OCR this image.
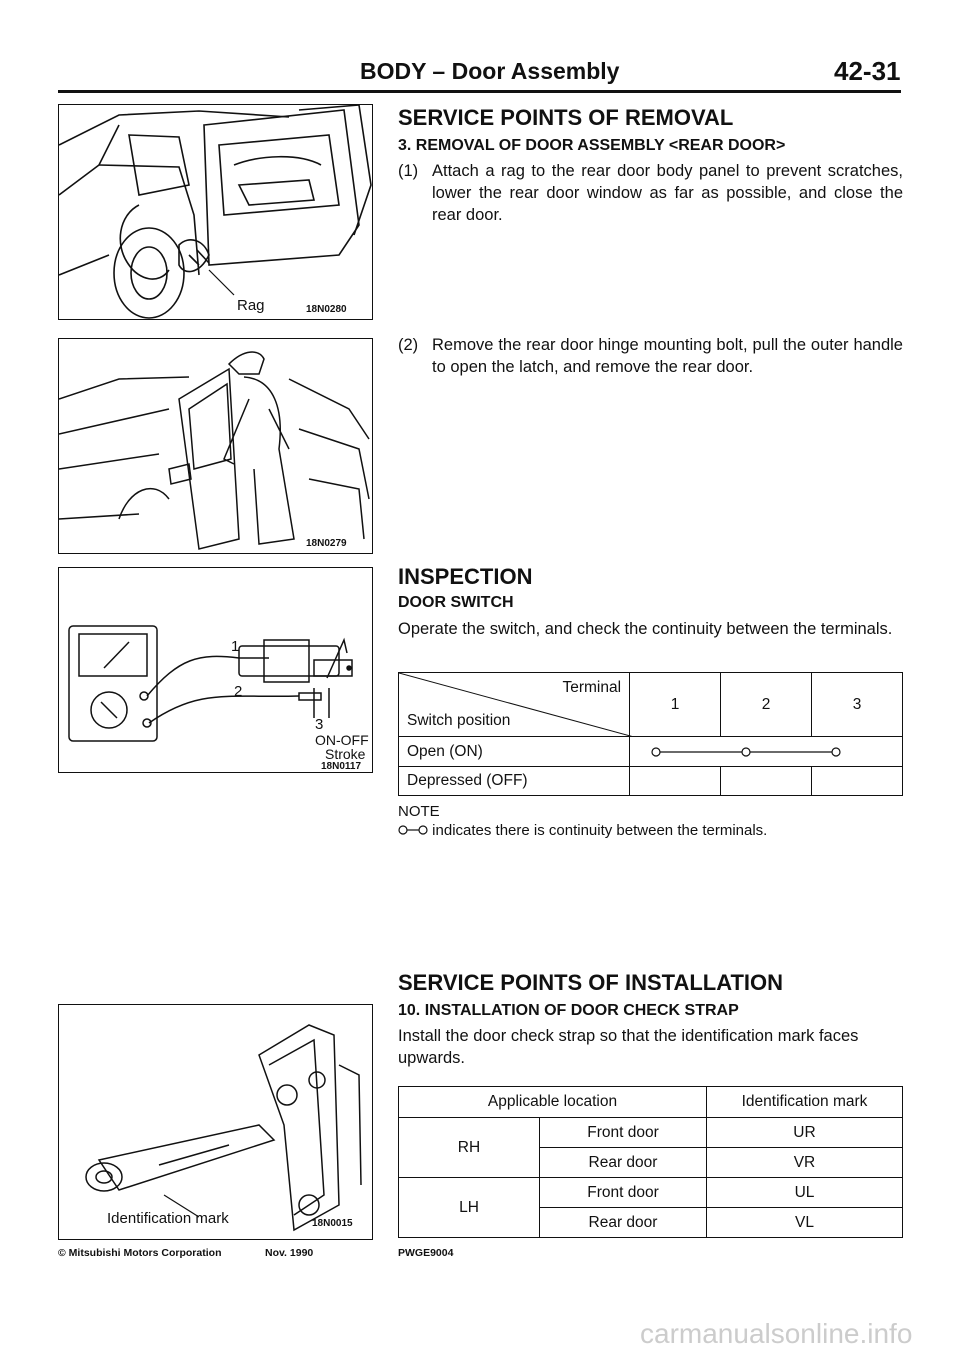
BODY – Door Assembly	42-31
Rag	18N0280
18N0279
1
2
3
ON-OFF
Stroke
18N0117
Identification mark	18N0015
SERVICE POINTS OF REMOVAL
3. REMOVAL OF DOOR ASSEMBLY <REAR DOOR>
(1) Attach a rag to the rear door body panel to prevent scratches, lower the rear door window as far as possible, and close the rear door.
(2) Remove the rear door hinge mounting bolt, pull the outer handle to open the latch, and remove the rear door.
INSPECTION
DOOR SWITCH
Operate the switch, and check the continuity between the terminals.
Terminal
Switch position	1	2	3
Open (ON)	

Depressed (OFF)			
NOTE
indicates there is continuity between the terminals.
SERVICE POINTS OF INSTALLATION
10. INSTALLATION OF DOOR CHECK STRAP
Install the door check strap so that the identification mark faces upwards.
Applicable location		Identification mark
RH	Front door	UR
	Rear door	VR
LH	Front door	UL
	Rear door	VL
© Mitsubishi Motors Corporation	Nov. 1990	PWGE9004
carmanualsonline.info
